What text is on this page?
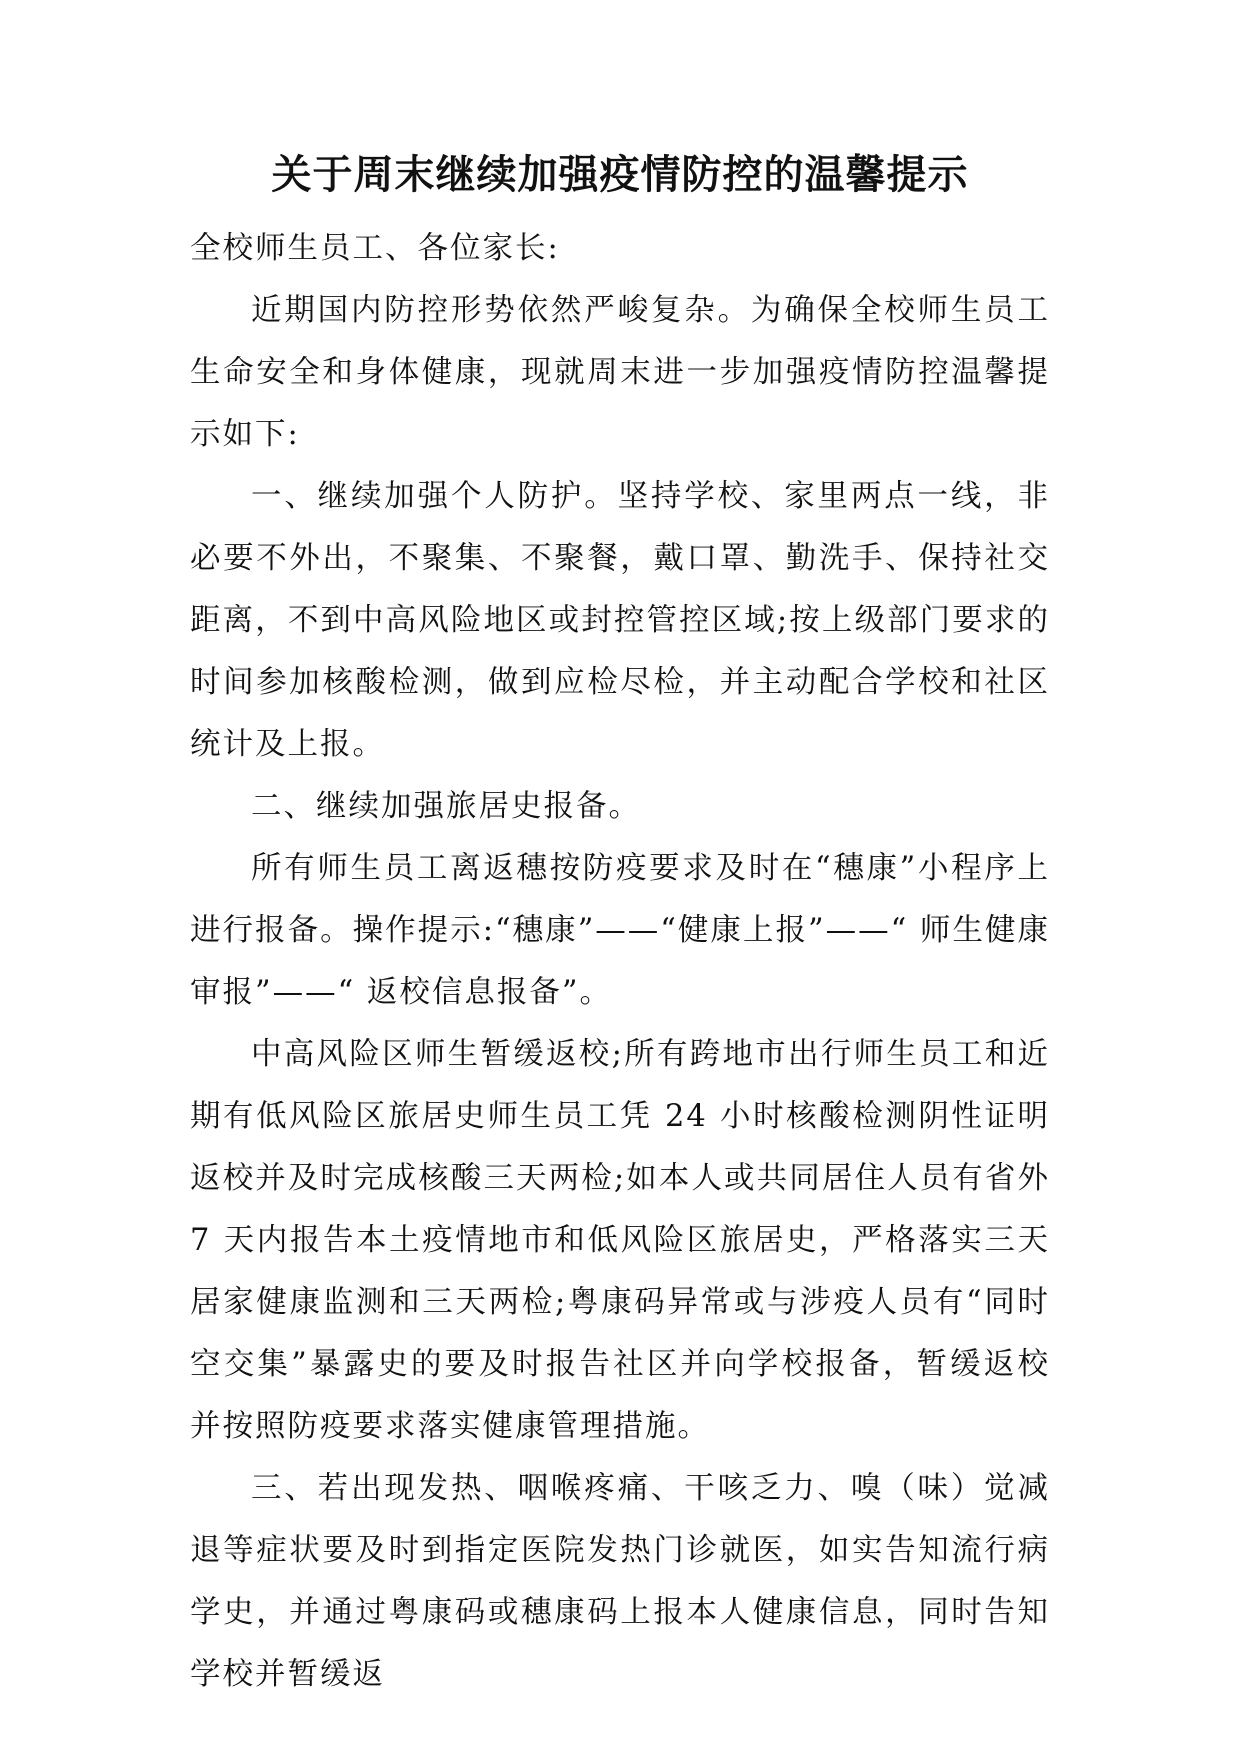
关于周末继续加强疫情防控的温馨提示

全校师生员工、各位家长:

近期国内防控形势依然严峻复杂。为确保全校师生员工生命安全和身体健康，现就周末进一步加强疫情防控温馨提示如下:

一、继续加强个人防护。坚持学校、家里两点一线，非必要不外出，不聚集、不聚餐，戴口罩、勤洗手、保持社交距离，不到中高风险地区或封控管控区域;按上级部门要求的时间参加核酸检测，做到应检尽检，并主动配合学校和社区统计及上报。

二、继续加强旅居史报备。

所有师生员工离返穗按防疫要求及时在“穗康”小程序上进行报备。操作提示:“穗康”——“健康上报”——“ 师生健康审报”——“ 返校信息报备”。

中高风险区师生暂缓返校;所有跨地市出行师生员工和近期有低风险区旅居史师生员工凭 24 小时核酸检测阴性证明返校并及时完成核酸三天两检;如本人或共同居住人员有省外 7 天内报告本土疫情地市和低风险区旅居史，严格落实三天居家健康监测和三天两检;粤康码异常或与涉疫人员有“同时空交集”暴露史的要及时报告社区并向学校报备，暂缓返校并按照防疫要求落实健康管理措施。

三、若出现发热、咽喉疼痛、干咳乏力、嗅（味）觉减退等症状要及时到指定医院发热门诊就医，如实告知流行病学史，并通过粤康码或穗康码上报本人健康信息，同时告知学校并暂缓返
